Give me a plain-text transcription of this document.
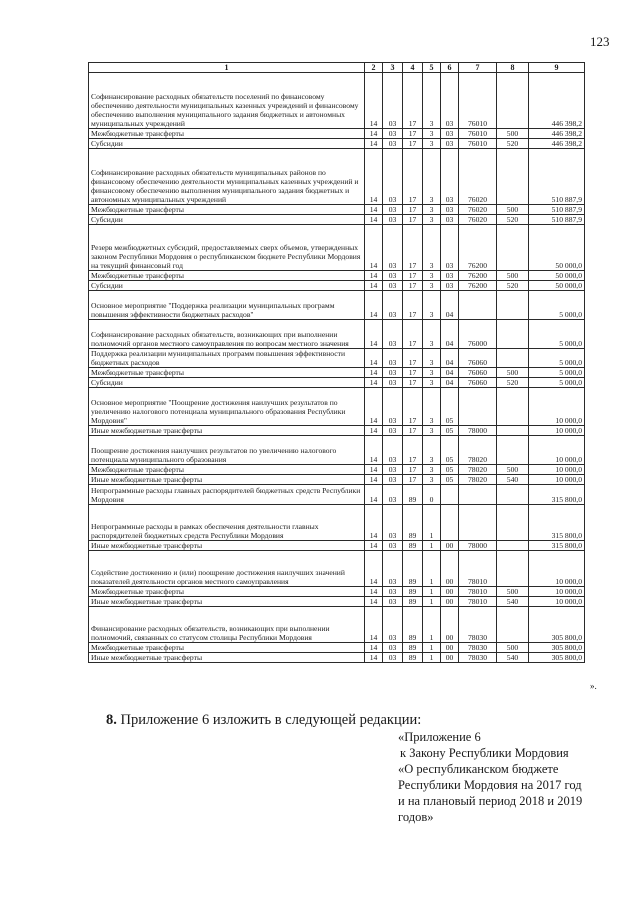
123
1	2	3	4	5	6	7	8	9
Софинансирование расходных обязательств поселений по финансовому обеспечению деятельности муниципальных казенных учреждений и финансовому обеспечению выполнения муниципального задания бюджетных и автономных муниципальных учреждений	14	03	17	3	03	76010		446 398,2
Межбюджетные трансферты	14	03	17	3	03	76010	500	446 398,2
Субсидии	14	03	17	3	03	76010	520	446 398,2
Софинансирование расходных обязательств муниципальных районов по финансовому обеспечению деятельности муниципальных казенных учреждений и финансовому обеспечению выполнения муниципального задания бюджетных и автономных муниципальных учреждений	14	03	17	3	03	76020		510 887,9
Межбюджетные трансферты	14	03	17	3	03	76020	500	510 887,9
Субсидии	14	03	17	3	03	76020	520	510 887,9
Резерв межбюджетных субсидий, предоставляемых сверх объемов, утвержденных законом Республики Мордовия о республиканском бюджете Республики Мордовия на текущий финансовый год	14	03	17	3	03	76200		50 000,0
Межбюджетные трансферты	14	03	17	3	03	76200	500	50 000,0
Субсидии	14	03	17	3	03	76200	520	50 000,0
Основное мероприятие "Поддержка реализации муниципальных программ повышения эффективности бюджетных расходов"	14	03	17	3	04			5 000,0
Софинансирование расходных обязательств, возникающих при выполнении полномочий органов местного самоуправления по вопросам местного значения	14	03	17	3	04	76000		5 000,0
Поддержка реализации муниципальных программ повышения эффективности бюджетных расходов	14	03	17	3	04	76060		5 000,0
Межбюджетные трансферты	14	03	17	3	04	76060	500	5 000,0
Субсидии	14	03	17	3	04	76060	520	5 000,0
Основное мероприятие "Поощрение достижения наилучших результатов по увеличению налогового потенциала муниципального образования Республики Мордовия"	14	03	17	3	05			10 000,0
Иные межбюджетные трансферты	14	03	17	3	05	78000		10 000,0
Поощрение достижения наилучших результатов по увеличению налогового потенциала муниципального образования	14	03	17	3	05	78020		10 000,0
Межбюджетные трансферты	14	03	17	3	05	78020	500	10 000,0
Иные межбюджетные трансферты	14	03	17	3	05	78020	540	10 000,0
Непрограммные расходы главных распорядителей бюджетных средств Республики Мордовия	14	03	89	0				315 800,0
Непрограммные расходы в рамках обеспечения деятельности главных распорядителей бюджетных средств Республики Мордовия	14	03	89	1				315 800,0
Иные межбюджетные трансферты	14	03	89	1	00	78000		315 800,0
Содействие достижению и (или) поощрение достижения наилучших значений показателей деятельности органов местного самоуправления	14	03	89	1	00	78010		10 000,0
Межбюджетные трансферты	14	03	89	1	00	78010	500	10 000,0
Иные межбюджетные трансферты	14	03	89	1	00	78010	540	10 000,0
Финансирование расходных обязательств, возникающих при выполнении полномочий, связанных со статусом столицы Республики Мордовия	14	03	89	1	00	78030		305 800,0
Межбюджетные трансферты	14	03	89	1	00	78030	500	305 800,0
Иные межбюджетные трансферты	14	03	89	1	00	78030	540	305 800,0
».
8. Приложение 6 изложить в следующей редакции:
«Приложение 6
к Закону Республики Мордовия
«О республиканском бюджете
Республики Мордовия на 2017 год
и на плановый период 2018 и 2019
годов»
